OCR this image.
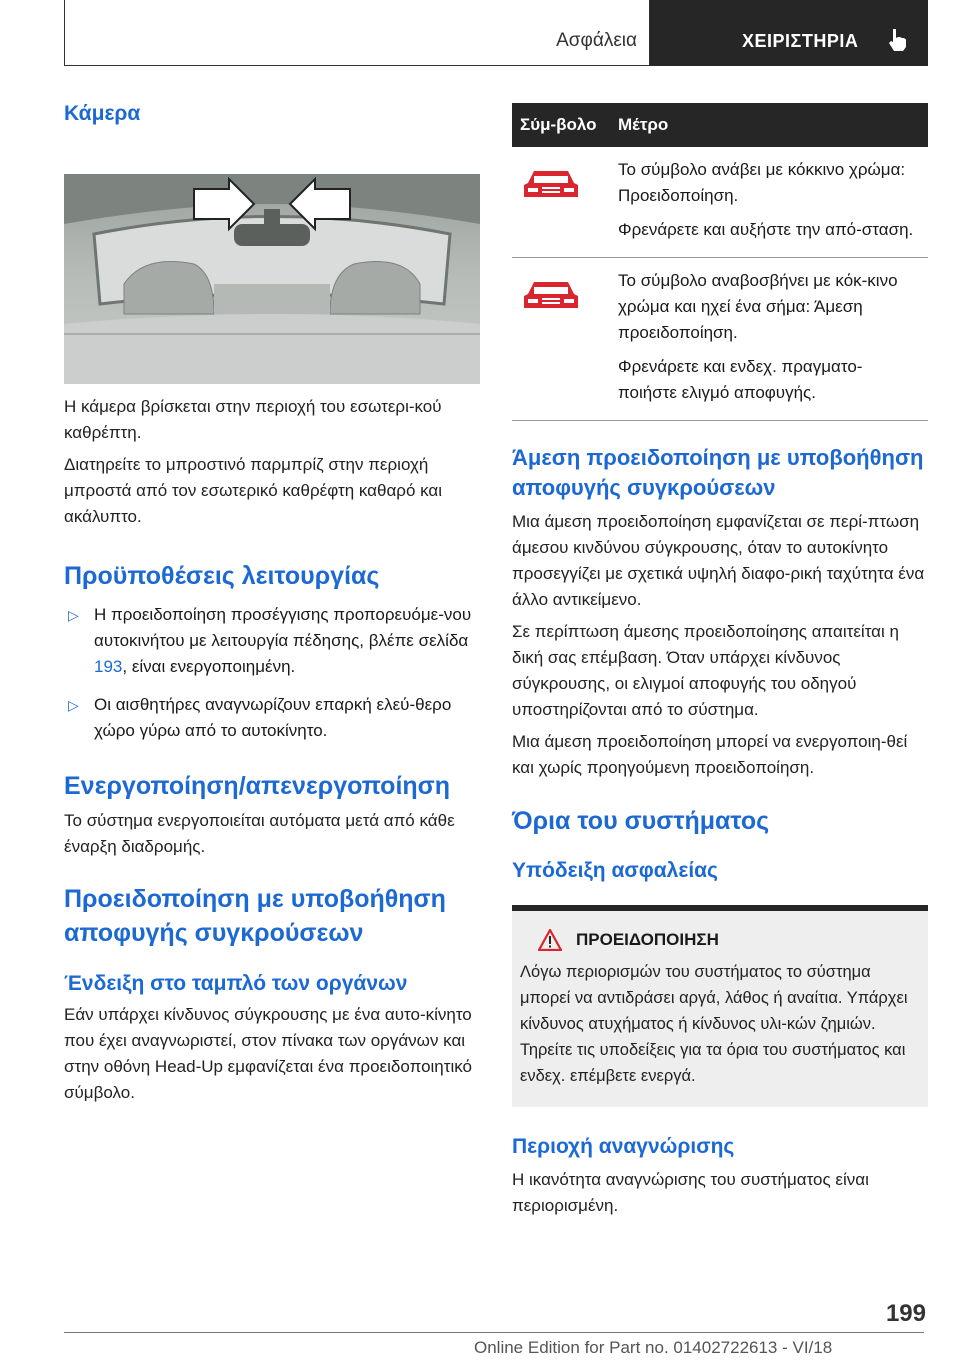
Ασφάλεια	ΧΕΙΡΙΣΤΗΡΙΑ
Κάμερα

Η κάμερα βρίσκεται στην περιοχή του εσωτερι-κού καθρέπτη.

Διατηρείτε το μπροστινό παρμπρίζ στην περιοχή μπροστά από τον εσωτερικό καθρέφτη καθαρό και ακάλυπτο.

Προϋποθέσεις λειτουργίας
▷ Η προειδοποίηση προσέγγισης προπορευόμε-νου αυτοκινήτου με λειτουργία πέδησης, βλέπε σελίδα 193, είναι ενεργοποιημένη.
▷ Οι αισθητήρες αναγνωρίζουν επαρκή ελεύ-θερο χώρο γύρω από το αυτοκίνητο.
Ενεργοποίηση/απενεργοποίηση

Το σύστημα ενεργοποιείται αυτόματα μετά από κάθε έναρξη διαδρομής.

Προειδοποίηση με υποβοήθηση αποφυγής συγκρούσεων
Ένδειξη στο ταμπλό των οργάνων

Εάν υπάρχει κίνδυνος σύγκρουσης με ένα αυτο-κίνητο που έχει αναγνωριστεί, στον πίνακα των οργάνων και στην οθόνη Head-Up εμφανίζεται ένα προειδοποιητικό σύμβολο.

Σύμ-βολο	Μέτρο

Το σύμβολο ανάβει με κόκκινο χρώμα: Προειδοποίηση.

Φρενάρετε και αυξήστε την από-σταση.

Το σύμβολο αναβοσβήνει με κόκ-κινο χρώμα και ηχεί ένα σήμα: Άμεση προειδοποίηση.

Φρενάρετε και ενδεχ. πραγματο-ποιήστε ελιγμό αποφυγής.

Άμεση προειδοποίηση με υποβοήθηση αποφυγής συγκρούσεων

Μια άμεση προειδοποίηση εμφανίζεται σε περί-πτωση άμεσου κινδύνου σύγκρουσης, όταν το αυτοκίνητο προσεγγίζει με σχετικά υψηλή διαφο-ρική ταχύτητα ένα άλλο αντικείμενο.

Σε περίπτωση άμεσης προειδοποίησης απαιτείται η δική σας επέμβαση. Όταν υπάρχει κίνδυνος σύγκρουσης, οι ελιγμοί αποφυγής του οδηγού υποστηρίζονται από το σύστημα.

Μια άμεση προειδοποίηση μπορεί να ενεργοποιη-θεί και χωρίς προηγούμενη προειδοποίηση.

Όρια του συστήματος
Υπόδειξη ασφαλείας
ΠΡΟΕΙΔΟΠΟΙΗΣΗ

Λόγω περιορισμών του συστήματος το σύστημα μπορεί να αντιδράσει αργά, λάθος ή αναίτια. Υπάρχει κίνδυνος ατυχήματος ή κίνδυνος υλι-κών ζημιών. Τηρείτε τις υποδείξεις για τα όρια του συστήματος και ενδεχ. επέμβετε ενεργά.

Περιοχή αναγνώρισης

Η ικανότητα αναγνώρισης του συστήματος είναι περιορισμένη.

199
Online Edition for Part no. 01402722613 - VI/18
